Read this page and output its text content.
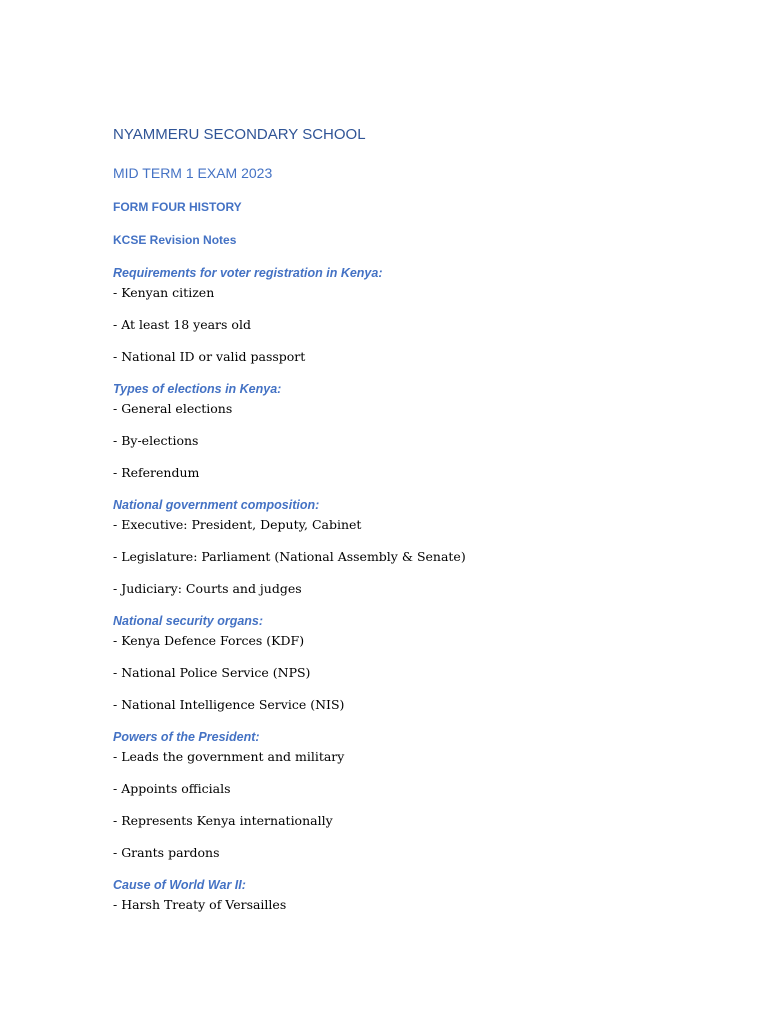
NYAMMERU SECONDARY SCHOOL
MID TERM 1 EXAM 2023
FORM FOUR HISTORY
KCSE Revision Notes
Requirements for voter registration in Kenya:
- Kenyan citizen
- At least 18 years old
- National ID or valid passport
Types of elections in Kenya:
- General elections
- By-elections
- Referendum
National government composition:
- Executive: President, Deputy, Cabinet
- Legislature: Parliament (National Assembly & Senate)
- Judiciary: Courts and judges
National security organs:
- Kenya Defence Forces (KDF)
- National Police Service (NPS)
- National Intelligence Service (NIS)
Powers of the President:
- Leads the government and military
- Appoints officials
- Represents Kenya internationally
- Grants pardons
Cause of World War II:
- Harsh Treaty of Versailles
